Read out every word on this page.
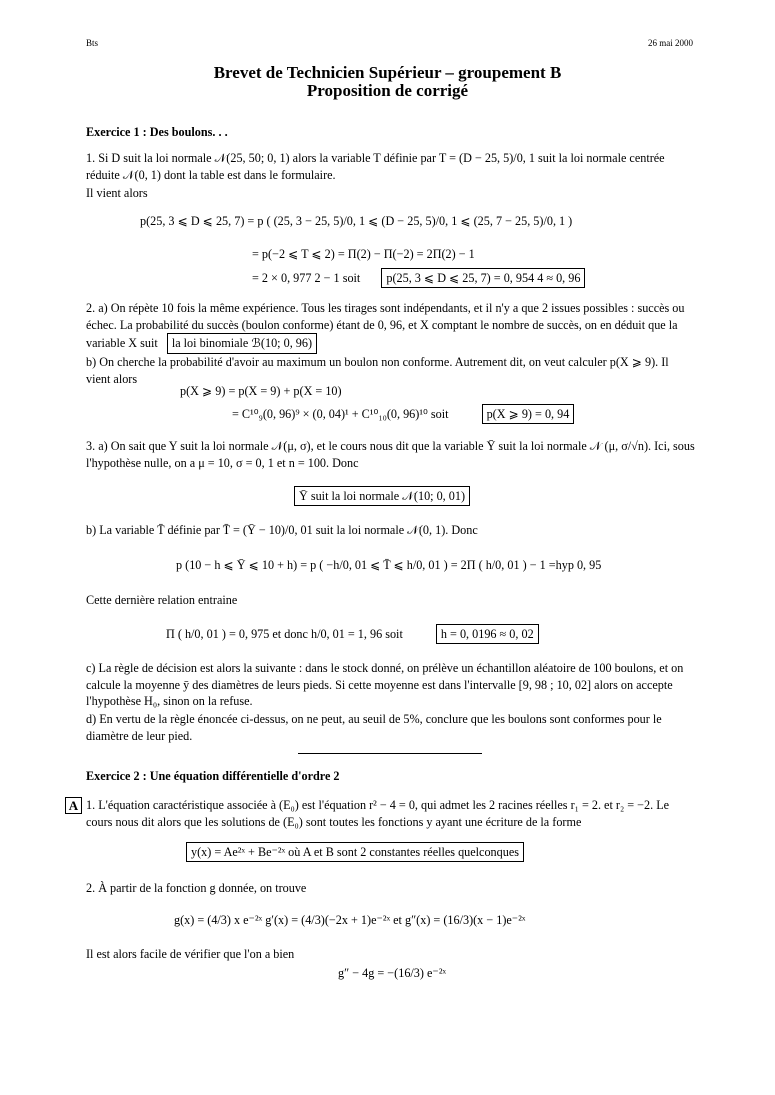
Bts	26 mai 2000
Brevet de Technicien Supérieur – groupement B
Proposition de corrigé
Exercice 1 : Des boulons. . .
1. Si D suit la loi normale 𝒩(25, 50; 0, 1) alors la variable T définie par T = (D − 25, 5)/0, 1 suit la loi normale centrée réduite 𝒩(0, 1) dont la table est dans le formulaire.
Il vient alors
p(25, 3 ⩽ D ⩽ 25, 7) = p ( (25, 3 − 25, 5)/0, 1 ⩽ (D − 25, 5)/0, 1 ⩽ (25, 7 − 25, 5)/0, 1 )
= p(−2 ⩽ T ⩽ 2) = Π(2) − Π(−2) = 2Π(2) − 1
= 2 × 0, 977 2 − 1 soit p(25, 3 ⩽ D ⩽ 25, 7) = 0, 954 4 ≈ 0, 96
2. a) On répète 10 fois la même expérience. Tous les tirages sont indépendants, et il n'y a que 2 issues possibles : succès ou échec. La probabilité du succès (boulon conforme) étant de 0, 96, et X comptant le nombre de succès, on en déduit que la variable X suit la loi binomiale ℬ(10; 0, 96)
b) On cherche la probabilité d'avoir au maximum un boulon non conforme. Autrement dit, on veut calculer p(X ⩾ 9). Il vient alors
p(X ⩾ 9) = p(X = 9) + p(X = 10)
= C¹⁰₉(0, 96)⁹ × (0, 04)¹ + C¹⁰₁₀(0, 96)¹⁰ soit	p(X ⩾ 9) = 0, 94
3. a) On sait que Y suit la loi normale 𝒩(μ, σ), et le cours nous dit que la variable Ȳ suit la loi normale 𝒩 (μ, σ/√n). Ici, sous l'hypothèse nulle, on a μ = 10, σ = 0, 1 et n = 100. Donc
Ȳ suit la loi normale 𝒩(10; 0, 01)
b) La variable T̄ définie par T̄ = (Ȳ − 10)/0, 01 suit la loi normale 𝒩(0, 1). Donc
p (10 − h ⩽ Ȳ ⩽ 10 + h) = p ( −h/0, 01 ⩽ T̄ ⩽ h/0, 01 ) = 2Π ( h/0, 01 ) − 1 =hyp 0, 95
Cette dernière relation entraine
Π ( h/0, 01 ) = 0, 975 et donc h/0, 01 = 1, 96 soit	h = 0, 0196 ≈ 0, 02
c) La règle de décision est alors la suivante : dans le stock donné, on prélève un échantillon aléatoire de 100 boulons, et on calcule la moyenne ȳ des diamètres de leurs pieds. Si cette moyenne est dans l'intervalle [9, 98 ; 10, 02] alors on accepte l'hypothèse H₀, sinon on la refuse.
d) En vertu de la règle énoncée ci-dessus, on ne peut, au seuil de 5%, conclure que les boulons sont conformes pour le diamètre de leur pied.
Exercice 2 : Une équation différentielle d'ordre 2
A 1. L'équation caractéristique associée à (E₀) est l'équation r² − 4 = 0, qui admet les 2 racines réelles r₁ = 2. et r₂ = −2. Le cours nous dit alors que les solutions de (E₀) sont toutes les fonctions y ayant une écriture de la forme
y(x) = Ae²ˣ + Be⁻²ˣ où A et B sont 2 constantes réelles quelconques
2. À partir de la fonction g donnée, on trouve
g(x) = (4/3) x e⁻²ˣ g′(x) = (4/3)(−2x + 1)e⁻²ˣ et g″(x) = (16/3)(x − 1)e⁻²ˣ
Il est alors facile de vérifier que l'on a bien
g″ − 4g = −(16/3) e⁻²ˣ
